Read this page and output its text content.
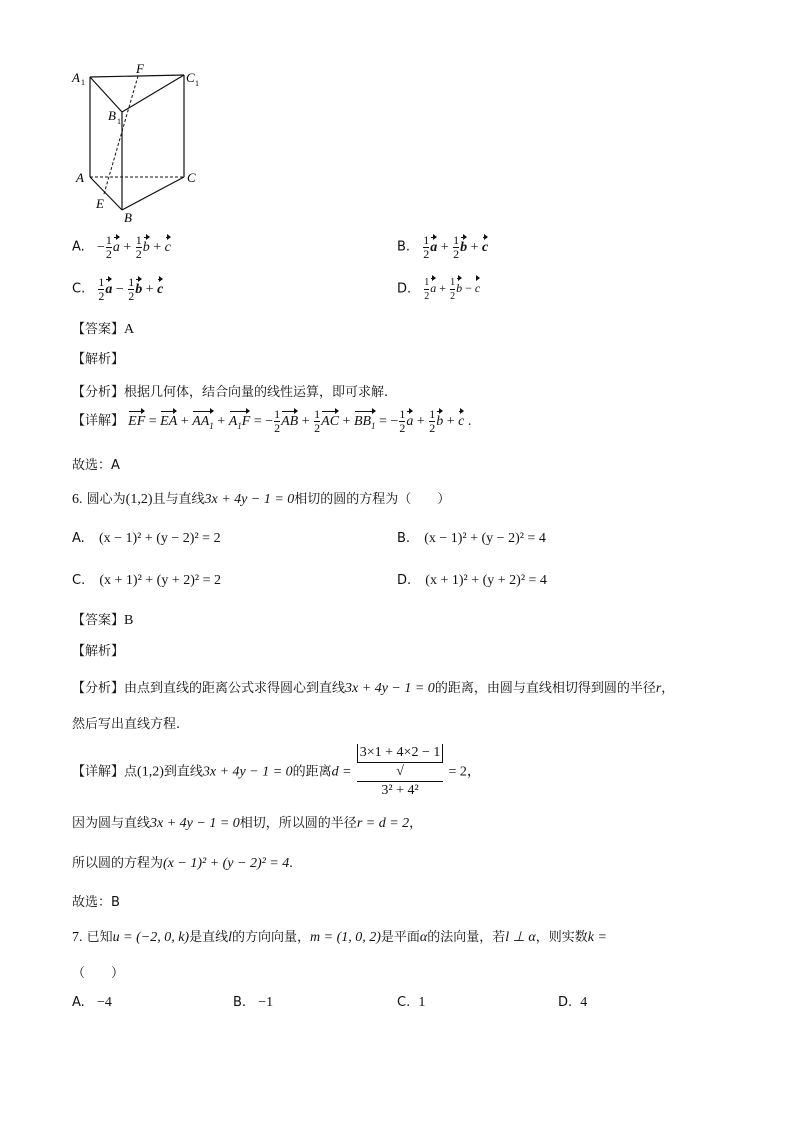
A 1
F
C 1
B 1
A	C
E
B
A. − $\frac{1}{2}$ $a + \frac{1}{2}$ b + c	B. $\frac{1}{2}$ $a + \frac{1}{2}$ b + c
C. $\frac{1}{2}$ $a - \frac{1}{2}$ b + c	D. $\frac{1}{2}$ $a + \frac{1}{2}$ b − c
【答案】A
【解析】
【分析】根据几何体，结合向量的线性运算，即可求解.
【详解】 EF = EA + $AA_1 + A_1F$ = − $\frac{1}{2}$ AB + $\frac{1}{2}$ AC + $BB_1$ = − $\frac{1}{2}$ $a + \frac{1}{2}$ b + c .
故选：A
6. 圆心为(1,2)且与直线3x + 4y − 1 = 0相切的圆的方程为（　　）
A. (x − 1)² + (y − 2)² = 2	B. (x − 1)² + (y − 2)² = 4
C. (x + 1)² + (y + 2)² = 2	D. (x + 1)² + (y + 2)² = 4
【答案】B
【解析】
【分析】由点到直线的距离公式求得圆心到直线3x + 4y − 1 = 0的距离，由圆与直线相切得到圆的半径r，
然后写出直线方程.
【详解】点(1,2)到直线3x + 4y − 1 = 0的距离d = 3×1 + 4×2 − 1
√
3² + 4² = 2，
因为圆与直线3x + 4y − 1 = 0相切，所以圆的半径r = d = 2，
所以圆的方程为(x − 1)² + (y − 2)² = 4.
故选：B
7. 已知u = (−2, 0, k)是直线l的方向向量，m = (1, 0, 2)是平面α的法向量，若l ⊥ α，则实数k =
（　　）
A. −4	B. −1	C. 1	D. 4
